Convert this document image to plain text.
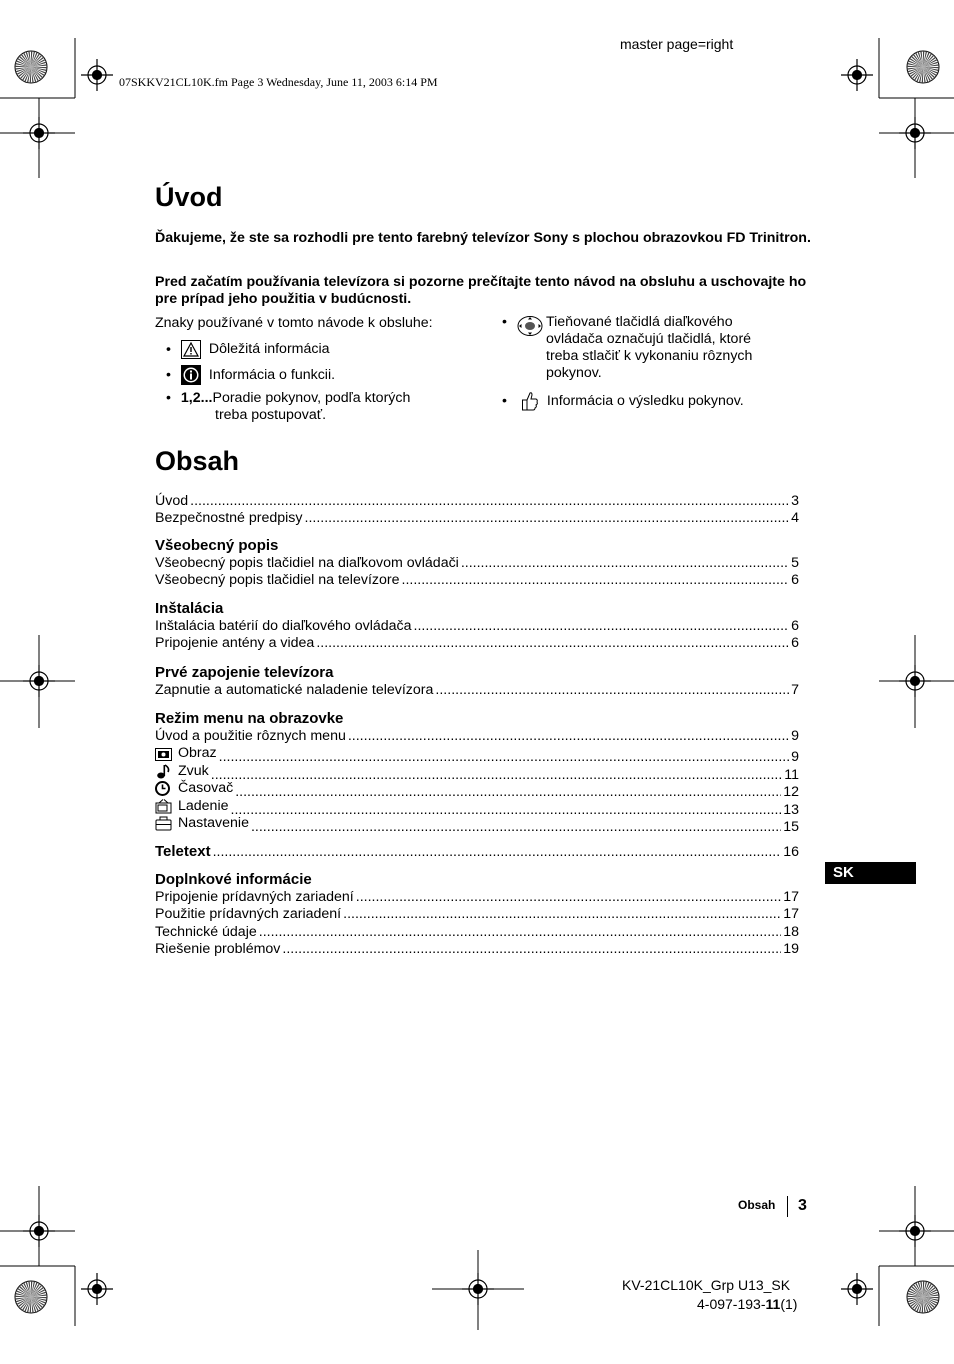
master page=right
07SKKV21CL10K.fm Page 3 Wednesday, June 11, 2003 6:14 PM
Úvod
Ďakujeme, že ste sa rozhodli pre tento farebný televízor Sony s plochou obrazovkou FD Trinitron.
Pred začatím používania televízora si pozorne prečítajte tento návod na obsluhu a uschovajte ho pre prípad jeho použitia v budúcnosti.
Znaky používané v tomto návode k obsluhe:
•	Dôležitá informácia
•	Informácia o funkcii.
• 1,2...Poradie pokynov, podľa ktorých
treba postupovať.
•	Tieňované tlačidlá diaľkového
ovládača označujú tlačidlá, ktoré
treba stlačiť k vykonaniu rôznych
pokynov.
•	Informácia o výsledku pokynov.
Obsah
Úvod .....	3
Bezpečnostné predpisy .....	4
Všeobecný popis
Všeobecný popis tlačidiel na diaľkovom ovládači .....	5
Všeobecný popis tlačidiel na televízore .....	6
Inštalácia
Inštalácia batérií do diaľkového ovládača .....	6
Pripojenie antény a videa .....	6
Prvé zapojenie televízora
Zapnutie a automatické naladenie televízora .....	7
Režim menu na obrazovke
Úvod a použitie rôznych menu .....	9
Obraz .....	9
Zvuk .....	11
Časovač .....	12
Ladenie .....	13
Nastavenie .....	15
Teletext .....	16
Doplnkové informácie
Pripojenie prídavných zariadení .....	17
Použitie prídavných zariadení .....	17
Technické údaje .....	18
Riešenie problémov .....	19
SK
Obsah 3
KV-21CL10K_Grp U13_SK
4-097-193-11(1)
